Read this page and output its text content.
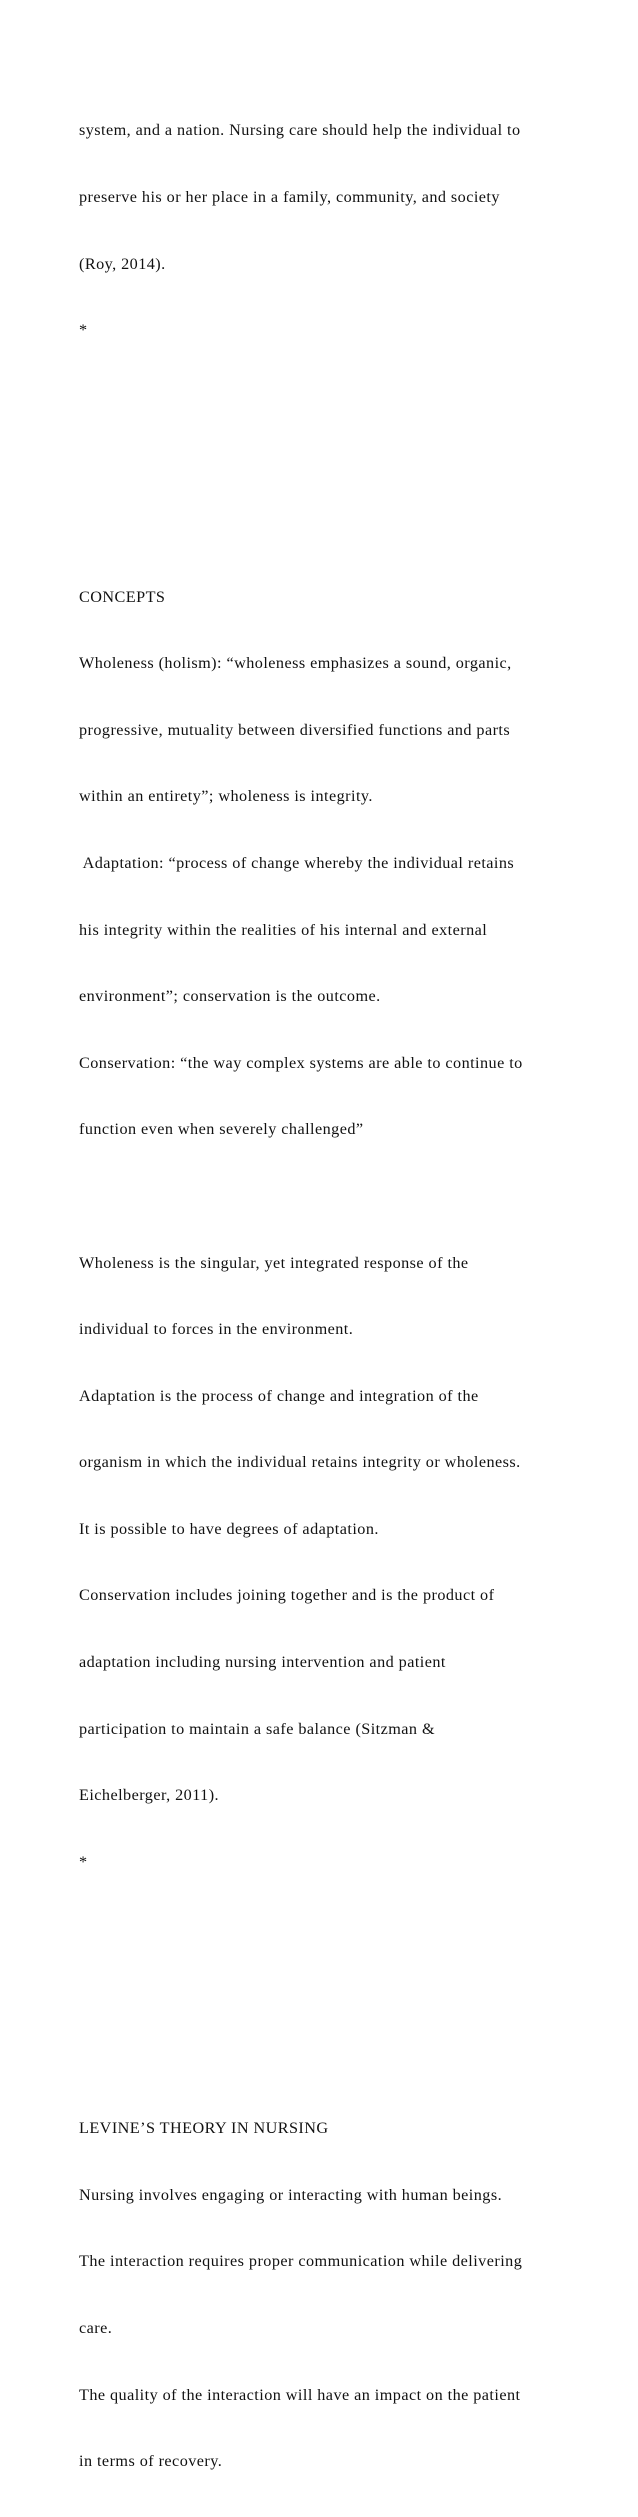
system, and a nation. Nursing care should help the individual to

preserve his or her place in a family, community, and society

(Roy, 2014).

*

CONCEPTS

Wholeness (holism): “wholeness emphasizes a sound, organic,

progressive, mutuality between diversified functions and parts

within an entirety”; wholeness is integrity.

Adaptation: “process of change whereby the individual retains

his integrity within the realities of his internal and external

environment”; conservation is the outcome.

Conservation: “the way complex systems are able to continue to

function even when severely challenged”

Wholeness is the singular, yet integrated response of the

individual to forces in the environment.

Adaptation is the process of change and integration of the

organism in which the individual retains integrity or wholeness.

It is possible to have degrees of adaptation.

Conservation includes joining together and is the product of

adaptation including nursing intervention and patient

participation to maintain a safe balance (Sitzman &

Eichelberger, 2011).

*

LEVINE’S THEORY IN NURSING

Nursing involves engaging or interacting with human beings.

The interaction requires proper communication while delivering

care.

The quality of the interaction will have an impact on the patient

in terms of recovery.
